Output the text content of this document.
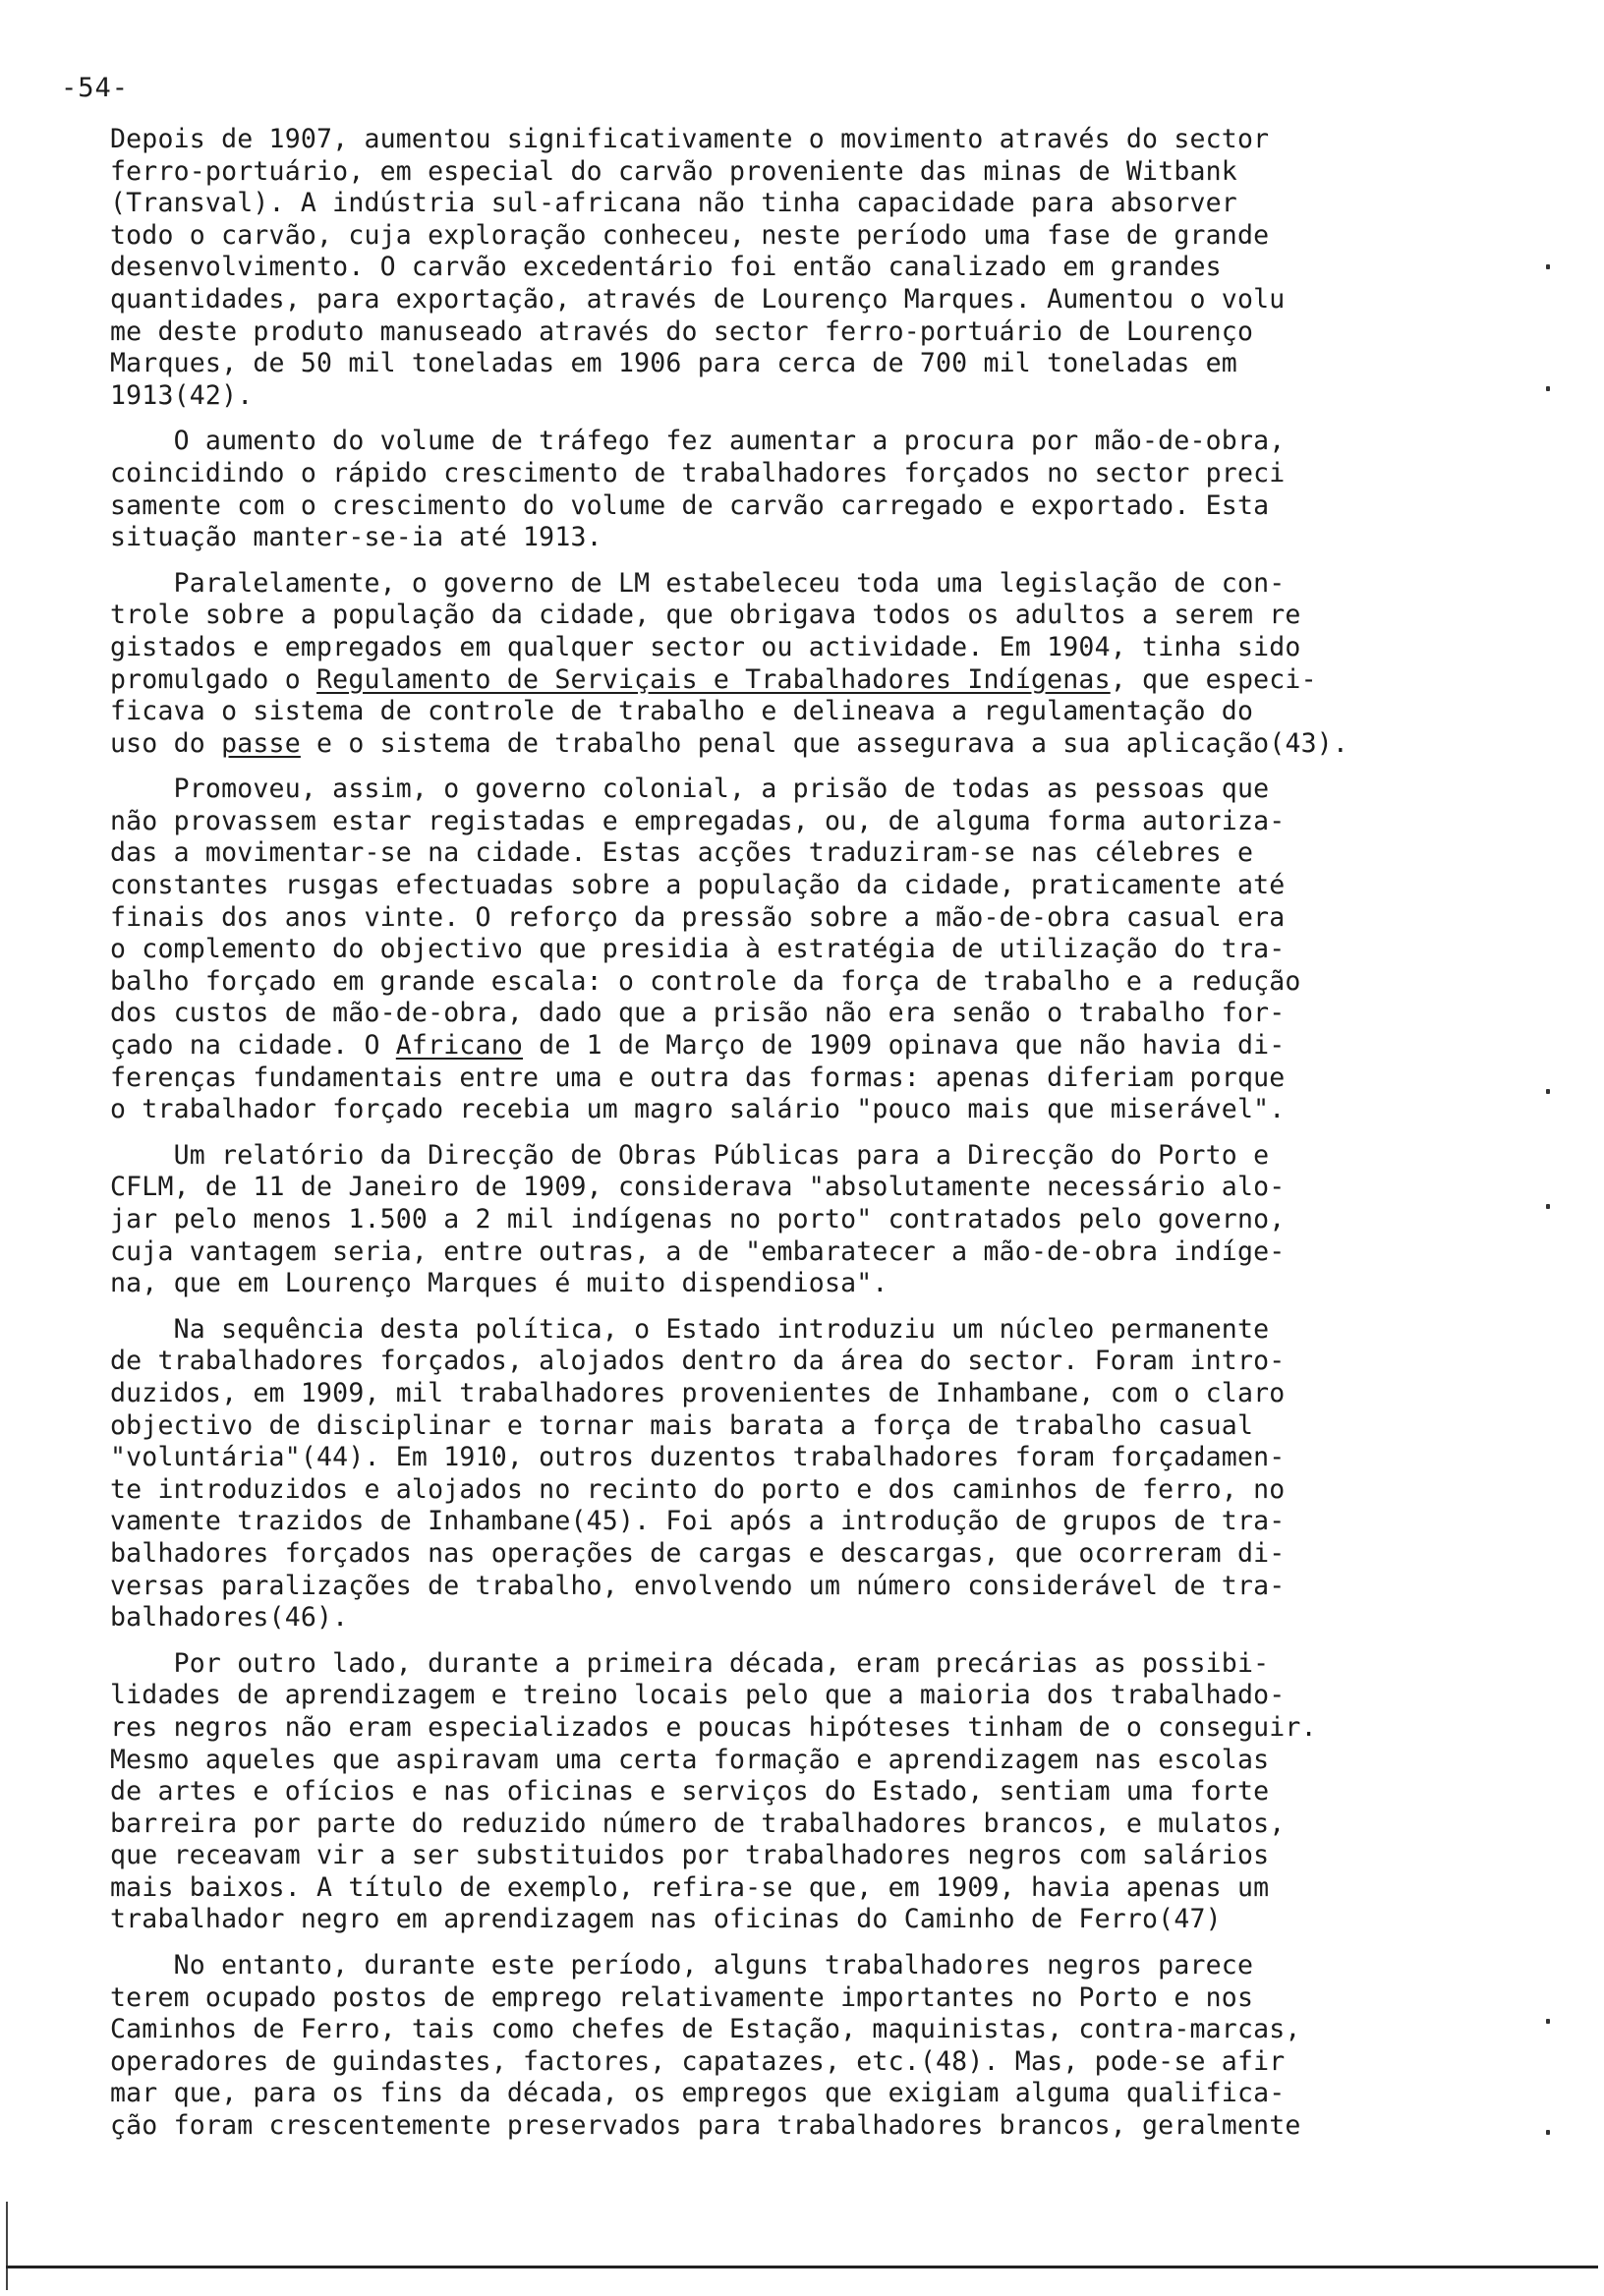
-54-
Depois de 1907, aumentou significativamente o movimento através do sector
ferro-portuário, em especial do carvão proveniente das minas de Witbank
(Transval). A indústria sul-africana não tinha capacidade para absorver
todo o carvão, cuja exploração conheceu, neste período uma fase de grande
desenvolvimento. O carvão excedentário foi então canalizado em grandes
quantidades, para exportação, através de Lourenço Marques. Aumentou o volu
me deste produto manuseado através do sector ferro-portuário de Lourenço
Marques, de 50 mil toneladas em 1906 para cerca de 700 mil toneladas em
1913(42).
O aumento do volume de tráfego fez aumentar a procura por mão-de-obra,
coincidindo o rápido crescimento de trabalhadores forçados no sector preci
samente com o crescimento do volume de carvão carregado e exportado. Esta
situação manter-se-ia até 1913.
Paralelamente, o governo de LM estabeleceu toda uma legislação de con-
trole sobre a população da cidade, que obrigava todos os adultos a serem re
gistados e empregados em qualquer sector ou actividade. Em 1904, tinha sido
promulgado o Regulamento de Serviçais e Trabalhadores Indígenas, que especi-
ficava o sistema de controle de trabalho e delineava a regulamentação do
uso do passe e o sistema de trabalho penal que assegurava a sua aplicação(43).
Promoveu, assim, o governo colonial, a prisão de todas as pessoas que
não provassem estar registadas e empregadas, ou, de alguma forma autoriza-
das a movimentar-se na cidade. Estas acções traduziram-se nas célebres e
constantes rusgas efectuadas sobre a população da cidade, praticamente até
finais dos anos vinte. O reforço da pressão sobre a mão-de-obra casual era
o complemento do objectivo que presidia à estratégia de utilização do tra-
balho forçado em grande escala: o controle da força de trabalho e a redução
dos custos de mão-de-obra, dado que a prisão não era senão o trabalho for-
çado na cidade. O Africano de 1 de Março de 1909 opinava que não havia di-
ferenças fundamentais entre uma e outra das formas: apenas diferiam porque
o trabalhador forçado recebia um magro salário "pouco mais que miserável".
Um relatório da Direcção de Obras Públicas para a Direcção do Porto e
CFLM, de 11 de Janeiro de 1909, considerava "absolutamente necessário alo-
jar pelo menos 1.500 a 2 mil indígenas no porto" contratados pelo governo,
cuja vantagem seria, entre outras, a de "embaratecer a mão-de-obra indíge-
na, que em Lourenço Marques é muito dispendiosa".
Na sequência desta política, o Estado introduziu um núcleo permanente
de trabalhadores forçados, alojados dentro da área do sector. Foram intro-
duzidos, em 1909, mil trabalhadores provenientes de Inhambane, com o claro
objectivo de disciplinar e tornar mais barata a força de trabalho casual
"voluntária"(44). Em 1910, outros duzentos trabalhadores foram forçadamen-
te introduzidos e alojados no recinto do porto e dos caminhos de ferro, no
vamente trazidos de Inhambane(45). Foi após a introdução de grupos de tra-
balhadores forçados nas operações de cargas e descargas, que ocorreram di-
versas paralizações de trabalho, envolvendo um número considerável de tra-
balhadores(46).
Por outro lado, durante a primeira década, eram precárias as possibi-
lidades de aprendizagem e treino locais pelo que a maioria dos trabalhado-
res negros não eram especializados e poucas hipóteses tinham de o conseguir.
Mesmo aqueles que aspiravam uma certa formação e aprendizagem nas escolas
de artes e ofícios e nas oficinas e serviços do Estado, sentiam uma forte
barreira por parte do reduzido número de trabalhadores brancos, e mulatos,
que receavam vir a ser substituidos por trabalhadores negros com salários
mais baixos. A título de exemplo, refira-se que, em 1909, havia apenas um
trabalhador negro em aprendizagem nas oficinas do Caminho de Ferro(47)
No entanto, durante este período, alguns trabalhadores negros parece
terem ocupado postos de emprego relativamente importantes no Porto e nos
Caminhos de Ferro, tais como chefes de Estação, maquinistas, contra-marcas,
operadores de guindastes, factores, capatazes, etc.(48). Mas, pode-se afir
mar que, para os fins da década, os empregos que exigiam alguma qualifica-
ção foram crescentemente preservados para trabalhadores brancos, geralmente
